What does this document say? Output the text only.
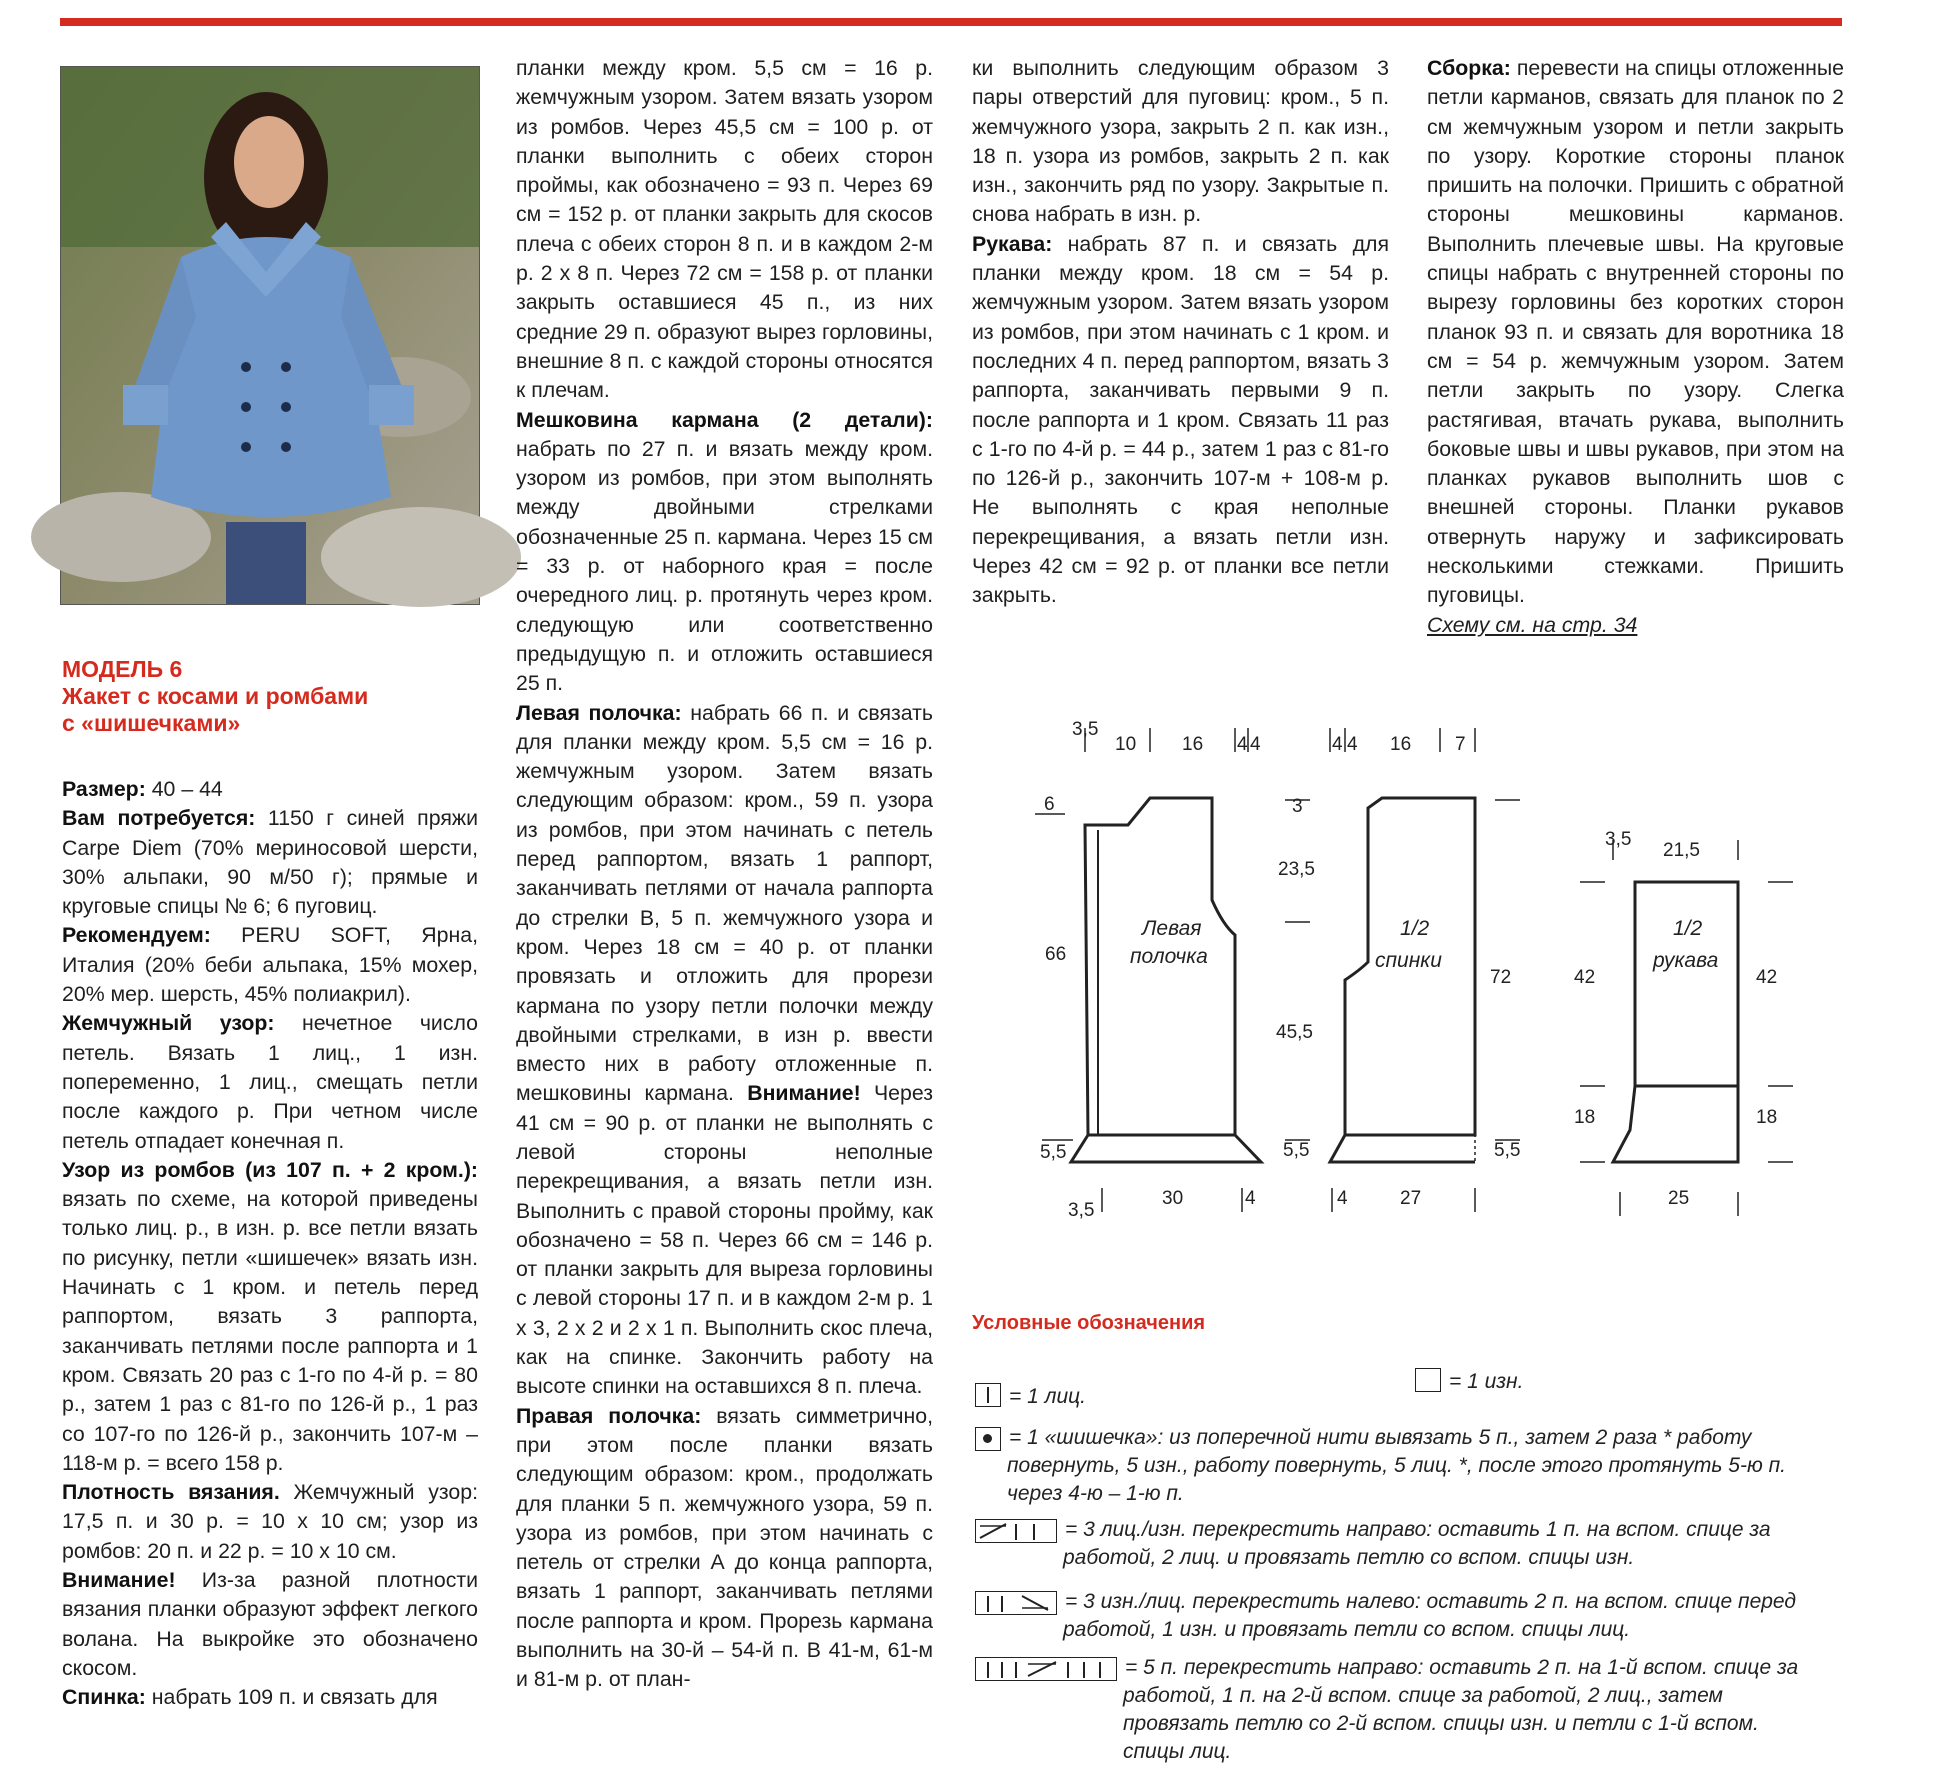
МОДЕЛЬ 6
Жакет с косами и ромбами
с «шишечками»

Размер: 40 – 44

Вам потребуется: 1150 г синей пряжи Carpe Diem (70% мериносовой шерсти, 30% альпаки, 90 м/50 г); прямые и круговые спицы № 6; 6 пуговиц.

Рекомендуем: PERU SOFT, Ярна, Италия (20% беби альпака, 15% мохер, 20% мер. шерсть, 45% полиакрил).

Жемчужный узор: нечетное число петель. Вязать 1 лиц., 1 изн. попеременно, 1 лиц., смещать петли после каждого р. При четном числе петель отпадает конечная п.

Узор из ромбов (из 107 п. + 2 кром.): вязать по схеме, на которой приведены только лиц. р., в изн. р. все петли вязать по рисунку, петли «шишечек» вязать изн. Начинать с 1 кром. и петель перед раппортом, вязать 3 раппорта, заканчивать петлями после раппорта и 1 кром. Связать 20 раз с 1-го по 4-й р. = 80 р., затем 1 раз с 81-го по 126-й р., 1 раз со 107-го по 126-й р., закончить 107-м – 118-м р. = всего 158 р.

Плотность вязания. Жемчужный узор: 17,5 п. и 30 р. = 10 х 10 см; узор из ромбов: 20 п. и 22 р. = 10 х 10 см.

Внимание! Из-за разной плотности вязания планки образуют эффект легкого волана. На выкройке это обозначено скосом.

Спинка: набрать 109 п. и связать для

планки между кром. 5,5 см = 16 р. жемчужным узором. Затем вязать узором из ромбов. Через 45,5 см = 100 р. от планки выполнить с обеих сторон проймы, как обозначено = 93 п. Через 69 см = 152 р. от планки закрыть для скосов плеча с обеих сторон 8 п. и в каждом 2-м р. 2 х 8 п. Через 72 см = 158 р. от планки закрыть оставшиеся 45 п., из них средние 29 п. образуют вырез горловины, внешние 8 п. с каждой стороны относятся к плечам.

Мешковина кармана (2 детали): набрать по 27 п. и вязать между кром. узором из ромбов, при этом выполнять между двойными стрелками обозначенные 25 п. кармана. Через 15 см = 33 р. от наборного края = после очередного лиц. р. протянуть через кром. следующую или соответственно предыдущую п. и отложить оставшиеся 25 п.

Левая полочка: набрать 66 п. и связать для планки между кром. 5,5 см = 16 р. жемчужным узором. Затем вязать следующим образом: кром., 59 п. узора из ромбов, при этом начинать с петель перед раппортом, вязать 1 раппорт, заканчивать петлями от начала раппорта до стрелки В, 5 п. жемчужного узора и кром. Через 18 см = 40 р. от планки провязать и отложить для прорези кармана по узору петли полочки между двойными стрелками, в изн р. ввести вместо них в работу отложенные п. мешковины кармана. Внимание! Через 41 см = 90 р. от планки не выполнять с левой стороны неполные перекрещивания, а вязать петли изн. Выполнить с правой стороны пройму, как обозначено = 58 п. Через 66 см = 146 р. от планки закрыть для выреза горловины с левой стороны 17 п. и в каждом 2-м р. 1 х 3, 2 х 2 и 2 х 1 п. Выполнить скос плеча, как на спинке. Закончить работу на высоте спинки на оставшихся 8 п. плеча.

Правая полочка: вязать симметрично, при этом после планки вязать следующим образом: кром., продолжать для планки 5 п. жемчужного узора, 59 п. узора из ромбов, при этом начинать с петель от стрелки А до конца раппорта, вязать 1 раппорт, заканчивать петлями после раппорта и кром. Прорезь кармана выполнить на 30-й – 54-й п. В 41-м, 61-м и 81-м р. от план-

ки выполнить следующим образом 3 пары отверстий для пуговиц: кром., 5 п. жемчужного узора, закрыть 2 п. как изн., 18 п. узора из ромбов, закрыть 2 п. как изн., закончить ряд по узору. Закрытые п. снова набрать в изн. р.

Рукава: набрать 87 п. и связать для планки между кром. 18 см = 54 р. жемчужным узором. Затем вязать узором из ромбов, при этом начинать с 1 кром. и последних 4 п. перед раппортом, вязать 3 раппорта, заканчивать первыми 9 п. после раппорта и 1 кром. Связать 11 раз с 1-го по 4-й р. = 44 р., затем 1 раз с 81-го по 126-й р., закончить 107-м + 108-м р. Не выполнять с края неполные перекрещивания, а вязать петли изн. Через 42 см = 92 р. от планки все петли закрыть.

Сборка: перевести на спицы отложенные петли карманов, связать для планок по 2 см жемчужным узором и петли закрыть по узору. Короткие стороны планок пришить на полочки. Пришить с обратной стороны мешковины карманов. Выполнить плечевые швы. На круговые спицы набрать с внутренней стороны по вырезу горловины без коротких сторон планок 93 п. и связать для воротника 18 см = 54 р. жемчужным узором. Затем петли закрыть по узору. Слегка растягивая, втачать рукава, выполнить боковые швы и швы рукавов, при этом на планках рукавов выполнить шов с внешней стороны. Планки рукавов отвернуть наружу и зафиксировать несколькими стежками. Пришить пуговицы.

Схему см. на стр. 34

3,5
10 16 4 4	4 4 16 7
6
66
5,5
3
23,5
45,5
5,5	5,5
72
3,5
30	4	4	27
3,5
21,5
42	42
18	18
25
Левая
полочка
1/2
спинки
1/2
рукава
Условные обозначения
= 1 лиц.
= 1 изн.
= 1 «шишечка»: из поперечной нити вывязать 5 п., затем 2 раза * работу повернуть, 5 изн., работу повернуть, 5 лиц. *, после этого протянуть 5-ю п. через 4-ю – 1-ю п.
= 3 лиц./изн. перекрестить направо: оставить 1 п. на вспом. спице за работой, 2 лиц. и провязать петлю со вспом. спицы изн.
= 3 изн./лиц. перекрестить налево: оставить 2 п. на вспом. спице перед работой, 1 изн. и провязать петли со вспом. спицы лиц.
= 5 п. перекрестить направо: оставить 2 п. на 1-й вспом. спице за работой, 1 п. на 2-й вспом. спице за работой, 2 лиц., затем провязать петлю со 2-й вспом. спицы изн. и петли с 1-й вспом. спицы лиц.
